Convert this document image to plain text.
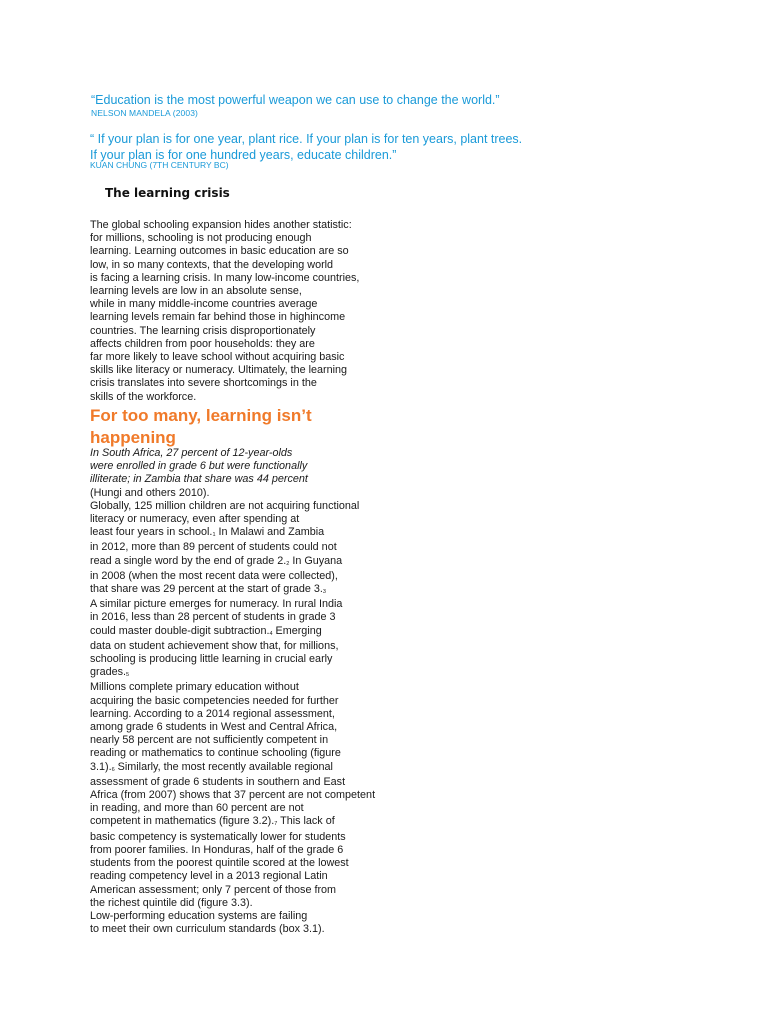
“Education is the most powerful weapon we can use to change the world.”
NELSON MANDELA (2003)
“ If your plan is for one year, plant rice. If your plan is for ten years, plant trees.
If your plan is for one hundred years, educate children.”
KUAN CHUNG (7TH CENTURY BC)
The learning crisis
The global schooling expansion hides another statistic:
for millions, schooling is not producing enough
learning. Learning outcomes in basic education are so
low, in so many contexts, that the developing world
is facing a learning crisis. In many low-income countries,
learning levels are low in an absolute sense,
while in many middle-income countries average
learning levels remain far behind those in highincome
countries. The learning crisis disproportionately
affects children from poor households: they are
far more likely to leave school without acquiring basic
skills like literacy or numeracy. Ultimately, the learning
crisis translates into severe shortcomings in the
skills of the workforce.
For too many, learning isn’t
happening
In South Africa, 27 percent of 12-year-olds
were enrolled in grade 6 but were functionally
illiterate; in Zambia that share was 44 percent
(Hungi and others 2010).
Globally, 125 million children are not acquiring functional
literacy or numeracy, even after spending at
least four years in school.1 In Malawi and Zambia
in 2012, more than 89 percent of students could not
read a single word by the end of grade 2.2 In Guyana
in 2008 (when the most recent data were collected),
that share was 29 percent at the start of grade 3.3
A similar picture emerges for numeracy. In rural India
in 2016, less than 28 percent of students in grade 3
could master double-digit subtraction.4 Emerging
data on student achievement show that, for millions,
schooling is producing little learning in crucial early
grades.5
Millions complete primary education without
acquiring the basic competencies needed for further
learning. According to a 2014 regional assessment,
among grade 6 students in West and Central Africa,
nearly 58 percent are not sufficiently competent in
reading or mathematics to continue schooling (figure
3.1).6 Similarly, the most recently available regional
assessment of grade 6 students in southern and East
Africa (from 2007) shows that 37 percent are not competent
in reading, and more than 60 percent are not
competent in mathematics (figure 3.2).7 This lack of
basic competency is systematically lower for students
from poorer families. In Honduras, half of the grade 6
students from the poorest quintile scored at the lowest
reading competency level in a 2013 regional Latin
American assessment; only 7 percent of those from
the richest quintile did (figure 3.3).
Low-performing education systems are failing
to meet their own curriculum standards (box 3.1).
